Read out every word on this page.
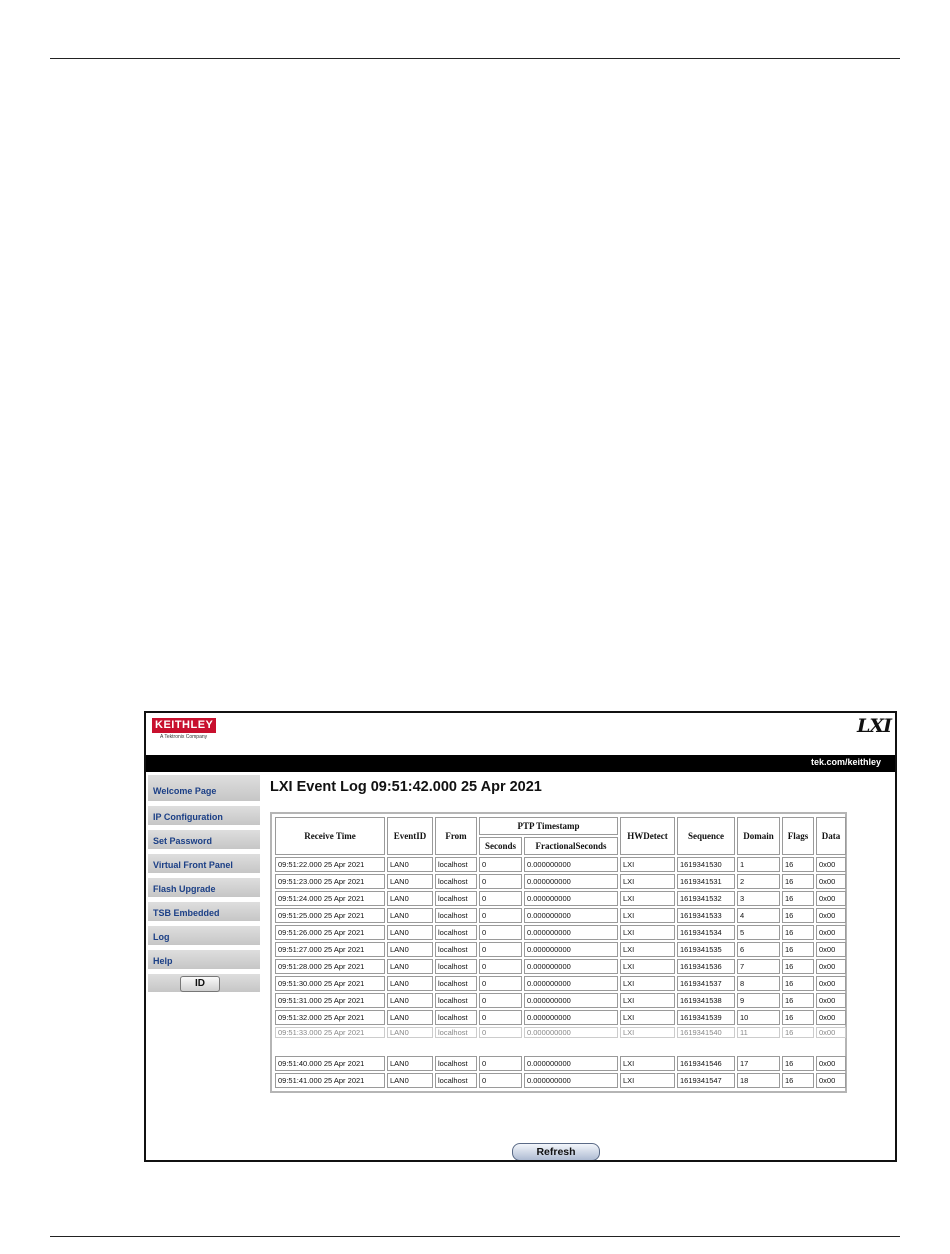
KEITHLEY
A Tektronix Company	LXI
tek.com/keithley
Welcome Page
IP Configuration
Set Password
Virtual Front Panel
Flash Upgrade
TSB Embedded
Log
Help
ID
LXI Event Log 09:51:42.000 25 Apr 2021
Receive Time	EventID	From	PTP Timestamp		HWDetect	Sequence	Domain	Flags	Data
			Seconds	FractionalSeconds					
09:51:22.000 25 Apr 2021	LAN0	localhost	0	0.000000000	LXI	1619341530	1	16	0x00
09:51:23.000 25 Apr 2021	LAN0	localhost	0	0.000000000	LXI	1619341531	2	16	0x00
09:51:24.000 25 Apr 2021	LAN0	localhost	0	0.000000000	LXI	1619341532	3	16	0x00
09:51:25.000 25 Apr 2021	LAN0	localhost	0	0.000000000	LXI	1619341533	4	16	0x00
09:51:26.000 25 Apr 2021	LAN0	localhost	0	0.000000000	LXI	1619341534	5	16	0x00
09:51:27.000 25 Apr 2021	LAN0	localhost	0	0.000000000	LXI	1619341535	6	16	0x00
09:51:28.000 25 Apr 2021	LAN0	localhost	0	0.000000000	LXI	1619341536	7	16	0x00
09:51:30.000 25 Apr 2021	LAN0	localhost	0	0.000000000	LXI	1619341537	8	16	0x00
09:51:31.000 25 Apr 2021	LAN0	localhost	0	0.000000000	LXI	1619341538	9	16	0x00
09:51:32.000 25 Apr 2021	LAN0	localhost	0	0.000000000	LXI	1619341539	10	16	0x00
09:51:33.000 25 Apr 2021	LAN0	localhost	0	0.000000000	LXI	1619341540	11	16	0x00

09:51:40.000 25 Apr 2021	LAN0	localhost	0	0.000000000	LXI	1619341546	17	16	0x00
09:51:41.000 25 Apr 2021	LAN0	localhost	0	0.000000000	LXI	1619341547	18	16	0x00
Refresh
